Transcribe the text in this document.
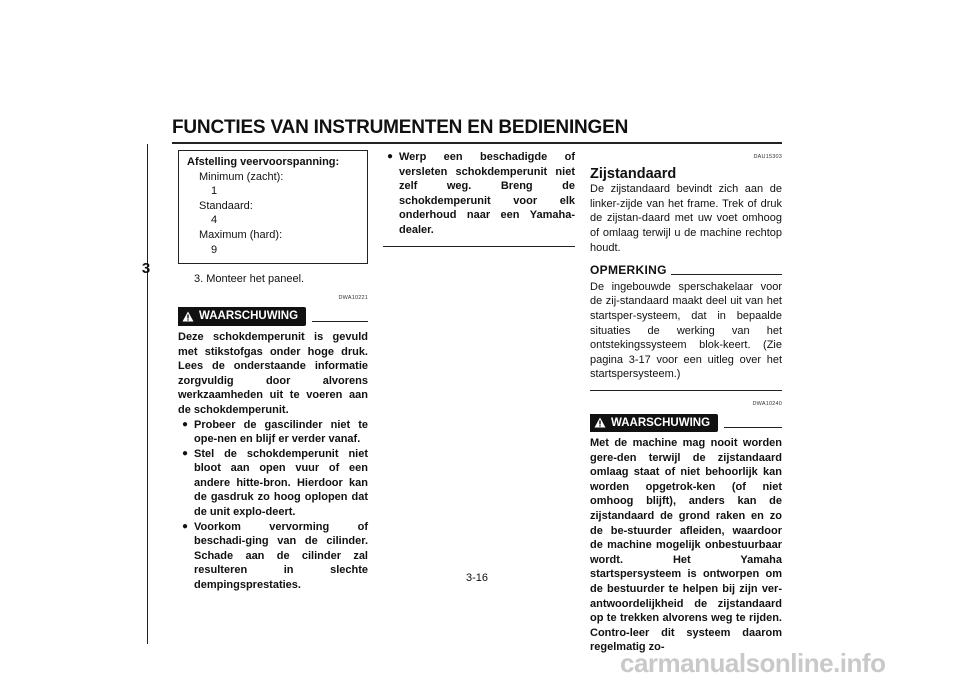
FUNCTIES VAN INSTRUMENTEN EN BEDIENINGEN
3
Afstelling veervoorspanning:
Minimum (zacht):
1
Standaard:
4
Maximum (hard):
9
3. Monteer het paneel.
DWA10221
WAARSCHUWING
Deze schokdemperunit is gevuld met stikstofgas onder hoge druk. Lees de onderstaande informatie zorgvuldig door alvorens werkzaamheden uit te voeren aan de schokdemperunit.
● Probeer de gascilinder niet te ope-nen en blijf er verder vanaf.
● Stel de schokdemperunit niet bloot aan open vuur of een andere hitte-bron. Hierdoor kan de gasdruk zo hoog oplopen dat de unit explo-deert.
● Voorkom vervorming of beschadi-ging van de cilinder. Schade aan de cilinder zal resulteren in slechte dempingsprestaties.
● Werp een beschadigde of versleten schokdemperunit niet zelf weg. Breng de schokdemperunit voor elk onderhoud naar een Yamaha-dealer.
DAU15303
Zijstandaard
De zijstandaard bevindt zich aan de linker-zijde van het frame. Trek of druk de zijstan-daard met uw voet omhoog of omlaag terwijl u de machine rechtop houdt.
OPMERKING
De ingebouwde sperschakelaar voor de zij-standaard maakt deel uit van het startsper-systeem, dat in bepaalde situaties de werking van het ontstekingssysteem blok-keert. (Zie pagina 3-17 voor een uitleg over het startspersysteem.)
DWA10240
WAARSCHUWING
Met de machine mag nooit worden gere-den terwijl de zijstandaard omlaag staat of niet behoorlijk kan worden opgetrok-ken (of niet omhoog blijft), anders kan de zijstandaard de grond raken en zo de be-stuurder afleiden, waardoor de machine mogelijk onbestuurbaar wordt. Het Yamaha startspersysteem is ontworpen om de bestuurder te helpen bij zijn ver-antwoordelijkheid de zijstandaard op te trekken alvorens weg te rijden. Contro-leer dit systeem daarom regelmatig zo-
3-16
carmanualsonline.info
